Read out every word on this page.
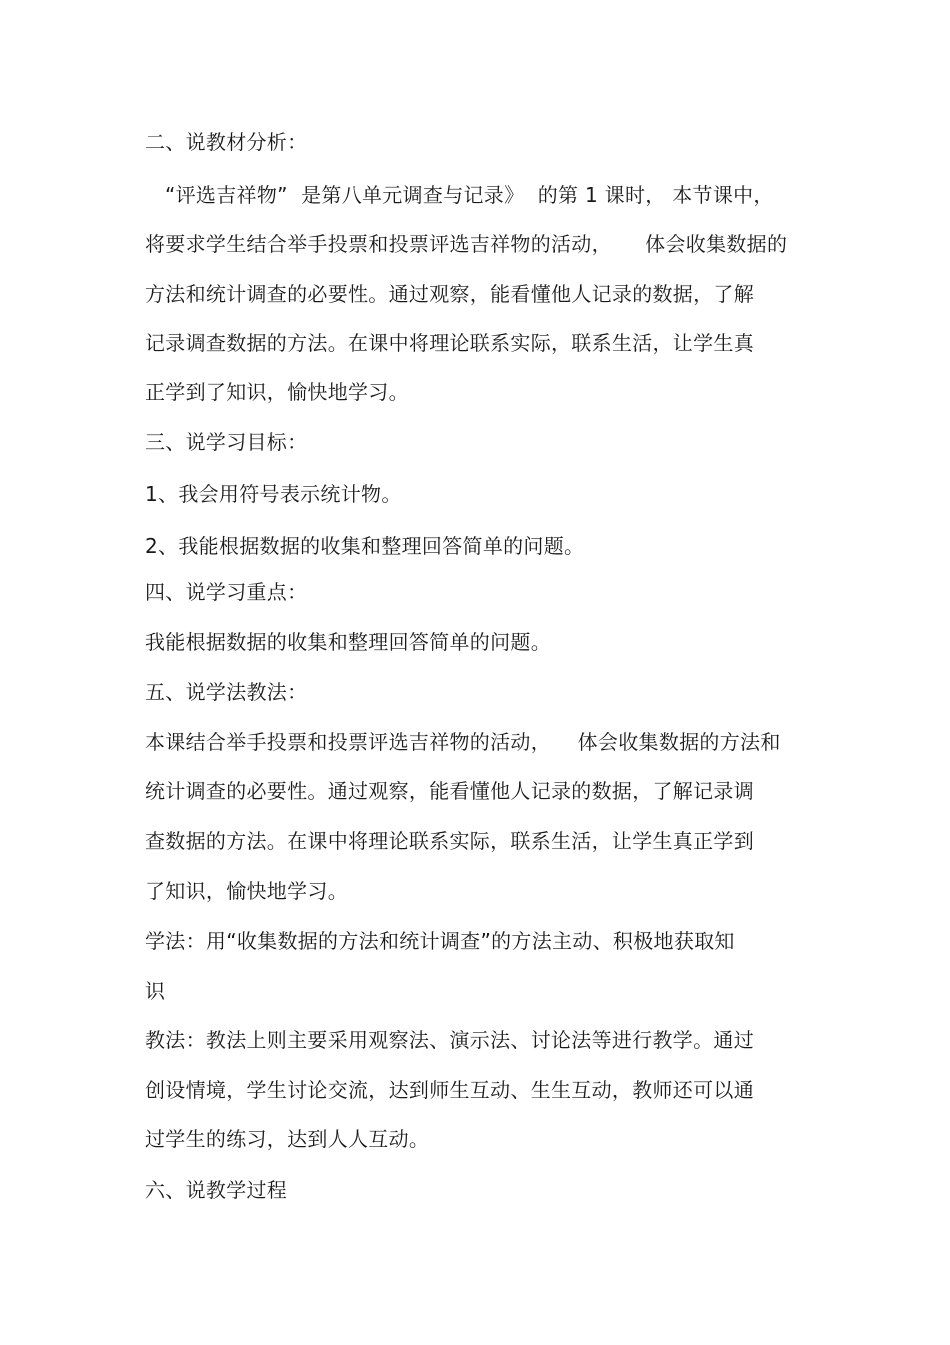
二、说教材分析：
“评选吉祥物”  是第八单元调查与记录》  的第 1 课时， 本节课中，
将要求学生结合举手投票和投票评选吉祥物的活动，     体会收集数据的
方法和统计调查的必要性。通过观察，能看懂他人记录的数据，了解
记录调查数据的方法。在课中将理论联系实际，联系生活，让学生真
正学到了知识，愉快地学习。
三、说学习目标：
1、我会用符号表示统计物。
2、我能根据数据的收集和整理回答简单的问题。
四、说学习重点：
我能根据数据的收集和整理回答简单的问题。
五、说学法教法：
本课结合举手投票和投票评选吉祥物的活动，    体会收集数据的方法和
统计调查的必要性。通过观察，能看懂他人记录的数据，了解记录调
查数据的方法。在课中将理论联系实际，联系生活，让学生真正学到
了知识，愉快地学习。
学法：用“收集数据的方法和统计调查”的方法主动、积极地获取知
识
教法：教法上则主要采用观察法、演示法、讨论法等进行教学。通过
创设情境，学生讨论交流，达到师生互动、生生互动，教师还可以通
过学生的练习，达到人人互动。
六、说教学过程
